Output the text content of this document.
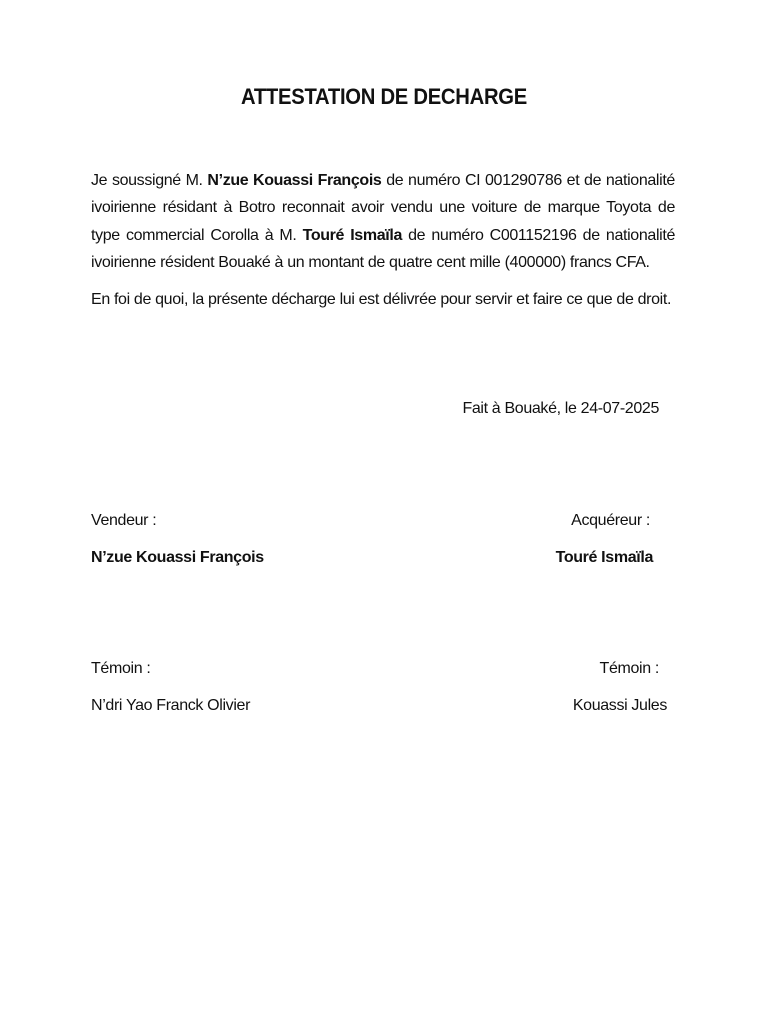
ATTESTATION DE DECHARGE

Je soussigné M. N’zue Kouassi François de numéro CI 001290786 et de nationalité ivoirienne résidant à Botro reconnait avoir vendu une voiture de marque Toyota de type commercial Corolla à M. Touré Ismaïla de numéro C001152196 de nationalité ivoirienne résident Bouaké à un montant de quatre cent mille (400000) francs CFA.

En foi de quoi, la présente décharge lui est délivrée pour servir et faire ce que de droit.

Fait à Bouaké, le 24-07-2025
Vendeur :	Acquéreur :
N’zue Kouassi François	Touré Ismaïla
Témoin :	Témoin :
N’dri Yao Franck Olivier	Kouassi Jules
